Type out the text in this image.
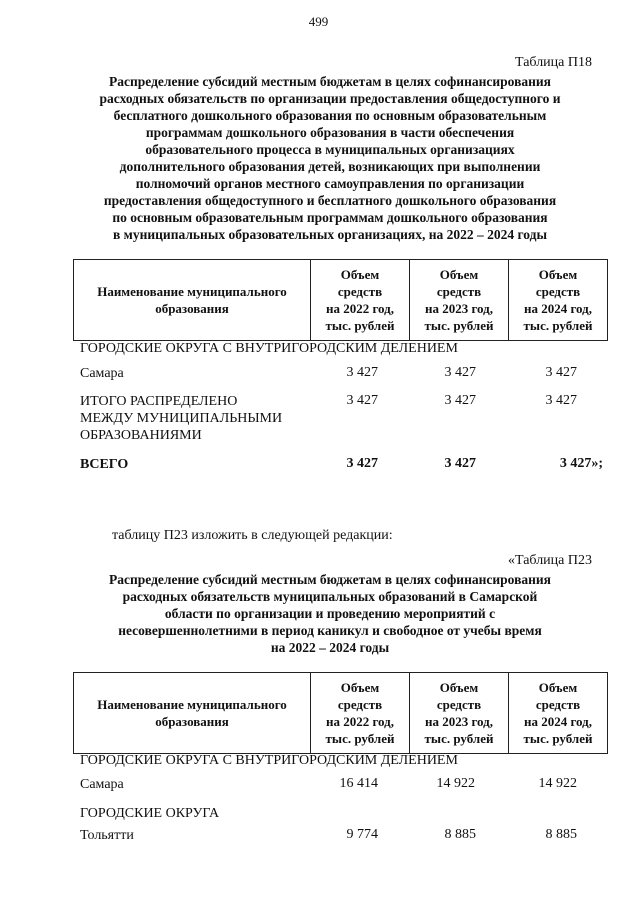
499
Таблица П18
Распределение субсидий местным бюджетам в целях софинансирования
расходных обязательств по организации предоставления общедоступного и
бесплатного дошкольного образования по основным образовательным
программам дошкольного образования в части обеспечения
образовательного процесса в муниципальных организациях
дополнительного образования детей, возникающих при выполнении
полномочий органов местного самоуправления по организации
предоставления общедоступного и бесплатного дошкольного образования
по основным образовательным программам дошкольного образования
в муниципальных образовательных организациях, на 2022 – 2024 годы
Наименование муниципального
образования

Объем
средств
на 2022 год,
тыс. рублей

Объем
средств
на 2023 год,
тыс. рублей

Объем
средств
на 2024 год,
тыс. рублей
ГОРОДСКИЕ ОКРУГА С ВНУТРИГОРОДСКИМ ДЕЛЕНИЕМ
Самара	3 427	3 427	3 427
ИТОГО РАСПРЕДЕЛЕНО
МЕЖДУ МУНИЦИПАЛЬНЫМИ
ОБРАЗОВАНИЯМИ
3 427	3 427	3 427
ВСЕГО	3 427	3 427	3 427»;
таблицу П23 изложить в следующей редакции:
«Таблица П23
Распределение субсидий местным бюджетам в целях софинансирования
расходных обязательств муниципальных образований в Самарской
области по организации и проведению мероприятий с
несовершеннолетними в период каникул и свободное от учебы время
на 2022 – 2024 годы
Наименование муниципального
образования

Объем
средств
на 2022 год,
тыс. рублей

Объем
средств
на 2023 год,
тыс. рублей

Объем
средств
на 2024 год,
тыс. рублей
ГОРОДСКИЕ ОКРУГА С ВНУТРИГОРОДСКИМ ДЕЛЕНИЕМ
Самара	16 414	14 922	14 922
ГОРОДСКИЕ ОКРУГА
Тольятти	9 774	8 885	8 885
